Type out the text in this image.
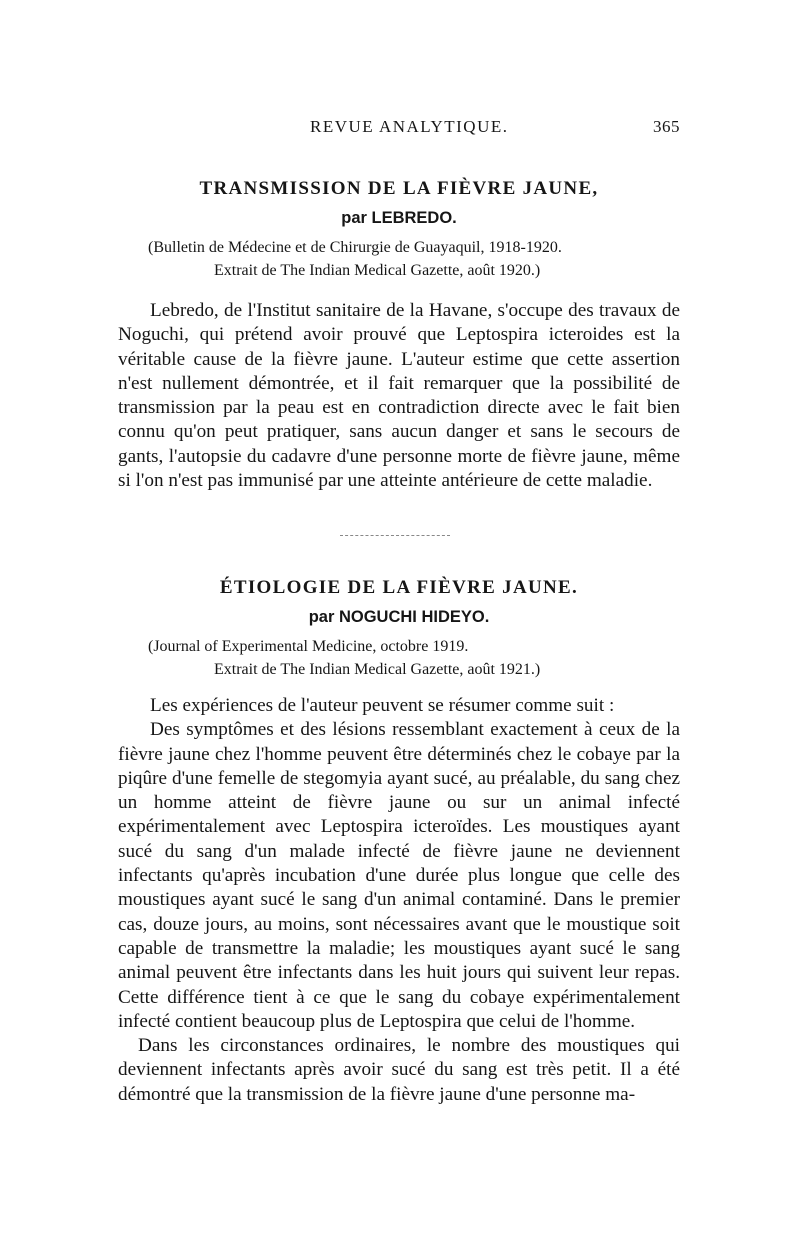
REVUE ANALYTIQUE.	365
TRANSMISSION DE LA FIÈVRE JAUNE,

par LEBREDO.

(Bulletin de Médecine et de Chirurgie de Guayaquil, 1918-1920.
Extrait de The Indian Medical Gazette, août 1920.)

Lebredo, de l'Institut sanitaire de la Havane, s'occupe des travaux de Noguchi, qui prétend avoir prouvé que Leptospira icteroides est la véritable cause de la fièvre jaune. L'auteur estime que cette assertion n'est nullement démontrée, et il fait remarquer que la possibilité de transmission par la peau est en contradiction directe avec le fait bien connu qu'on peut pratiquer, sans aucun danger et sans le secours de gants, l'autopsie du cadavre d'une personne morte de fièvre jaune, même si l'on n'est pas immunisé par une atteinte antérieure de cette maladie.

ÉTIOLOGIE DE LA FIÈVRE JAUNE.

par NOGUCHI HIDEYO.

(Journal of Experimental Medicine, octobre 1919.
Extrait de The Indian Medical Gazette, août 1921.)

Les expériences de l'auteur peuvent se résumer comme suit :

Des symptômes et des lésions ressemblant exactement à ceux de la fièvre jaune chez l'homme peuvent être déterminés chez le cobaye par la piqûre d'une femelle de stegomyia ayant sucé, au préalable, du sang chez un homme atteint de fièvre jaune ou sur un animal infecté expérimentalement avec Leptospira icteroïdes. Les moustiques ayant sucé du sang d'un malade infecté de fièvre jaune ne deviennent infectants qu'après incubation d'une durée plus longue que celle des moustiques ayant sucé le sang d'un animal contaminé. Dans le premier cas, douze jours, au moins, sont nécessaires avant que le moustique soit capable de transmettre la maladie; les moustiques ayant sucé le sang animal peuvent être infectants dans les huit jours qui suivent leur repas. Cette différence tient à ce que le sang du cobaye expérimentalement infecté contient beaucoup plus de Leptospira que celui de l'homme.

Dans les circonstances ordinaires, le nombre des moustiques qui deviennent infectants après avoir sucé du sang est très petit. Il a été démontré que la transmission de la fièvre jaune d'une personne ma-
